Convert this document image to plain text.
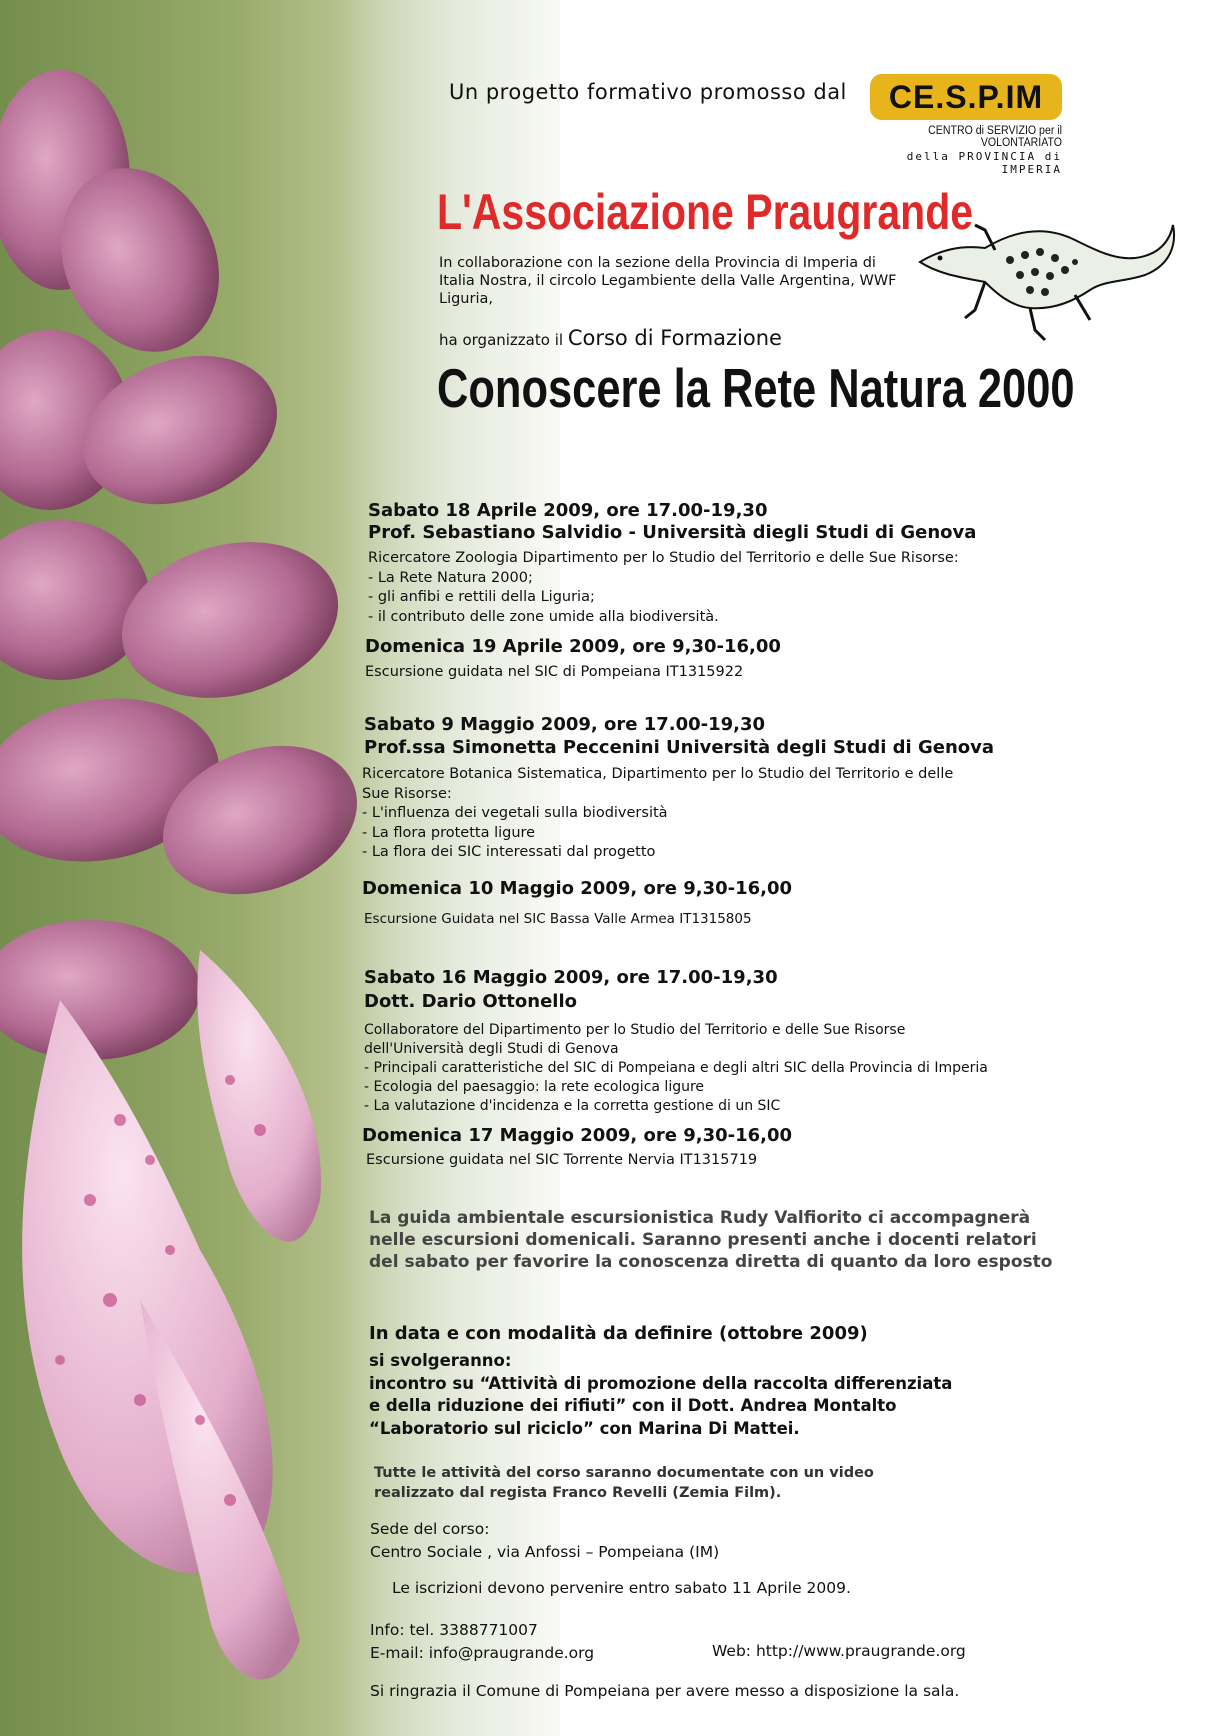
Un progetto formativo promosso dal	CE.S.P.IM
CENTRO di SERVIZIO per il VOLONTARIATO
della PROVINCIA di IMPERIA
L'Associazione Praugrande
In collaborazione con la sezione della Provincia di Imperia di Italia Nostra, il circolo Legambiente della Valle Argentina, WWF Liguria,
ha organizzato il Corso di Formazione
Conoscere la Rete Natura 2000
Sabato 18 Aprile 2009, ore 17.00-19,30
Prof. Sebastiano Salvidio - Università diegli Studi di Genova
Ricercatore Zoologia Dipartimento per lo Studio del Territorio e delle Sue Risorse:
- La Rete Natura 2000;
- gli anfibi e rettili della Liguria;
- il contributo delle zone umide alla biodiversità.
Domenica 19 Aprile 2009, ore 9,30-16,00
Escursione guidata nel SIC di Pompeiana IT1315922
Sabato 9 Maggio 2009, ore 17.00-19,30
Prof.ssa Simonetta Peccenini Università degli Studi di Genova
Ricercatore Botanica Sistematica, Dipartimento per lo Studio del Territorio e delle
Sue Risorse:
- L'influenza dei vegetali sulla biodiversità
- La flora protetta ligure
- La flora dei SIC interessati dal progetto
Domenica 10 Maggio 2009, ore 9,30-16,00
Escursione Guidata nel SIC Bassa Valle Armea IT1315805
Sabato 16 Maggio 2009, ore 17.00-19,30
Dott. Dario Ottonello
Collaboratore del Dipartimento per lo Studio del Territorio e delle Sue Risorse
dell'Università degli Studi di Genova
- Principali caratteristiche del SIC di Pompeiana e degli altri SIC della Provincia di Imperia
- Ecologia del paesaggio: la rete ecologica ligure
- La valutazione d'incidenza e la corretta gestione di un SIC
Domenica 17 Maggio 2009, ore 9,30-16,00
Escursione guidata nel SIC Torrente Nervia IT1315719
La guida ambientale escursionistica Rudy Valfiorito ci accompagnerà nelle escursioni domenicali. Saranno presenti anche i docenti relatori del sabato per favorire la conoscenza diretta di quanto da loro esposto
In data e con modalità da definire (ottobre 2009)
si svolgeranno:
incontro su “Attività di promozione della raccolta differenziata
e della riduzione dei rifiuti” con il Dott. Andrea Montalto
“Laboratorio sul riciclo” con Marina Di Mattei.
Tutte le attività del corso saranno documentate con un video
realizzato dal regista Franco Revelli (Zemia Film).
Sede del corso:
Centro Sociale , via Anfossi – Pompeiana (IM)
Le iscrizioni devono pervenire entro sabato 11 Aprile 2009.
Info: tel. 3388771007
E-mail: info@praugrande.org	Web: http://www.praugrande.org
Si ringrazia il Comune di Pompeiana per avere messo a disposizione la sala.
